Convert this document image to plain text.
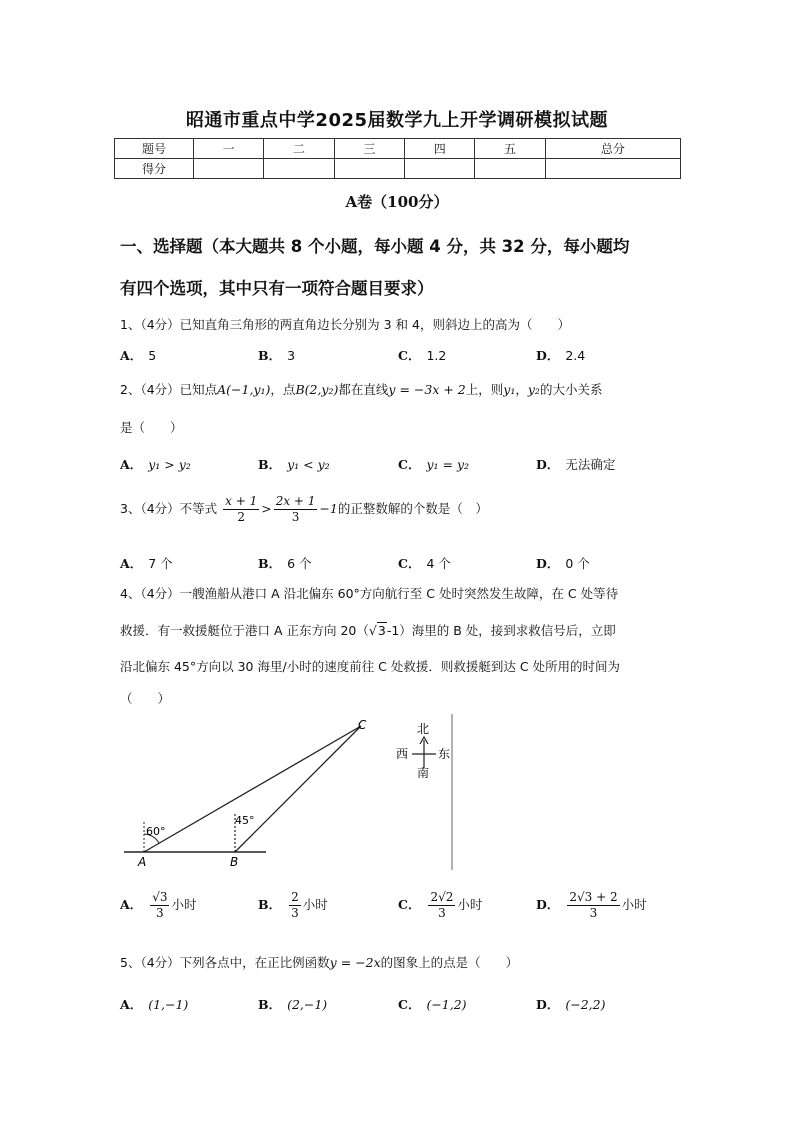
昭通市重点中学2025届数学九上开学调研模拟试题
题号	一	二	三	四	五	总分
得分						
A卷（100分）
一、选择题（本大题共 8 个小题，每小题 4 分，共 32 分，每小题均
有四个选项，其中只有一项符合题目要求）
1、（4分）已知直角三角形的两直角边长分别为 3 和 4，则斜边上的高为（　　）
A． 5	B． 3	C． 1.2	D． 2.4
2、（4分）已知点A(−1,y₁)，点B(2,y₂)都在直线y = −3x + 2上，则y₁，y₂的大小关系
是（　　）
A． y₁ > y₂	B． y₁ < y₂	C． y₁ = y₂	D． 无法确定
3、（4分）不等式 $\frac{x + 1}{2} > \frac{2x + 1}{3} -1$的正整数解的个数是（　）
A． 7 个	B． 6 个	C． 4 个	D． 0 个
4、（4分）一艘渔船从港口 A 沿北偏东 60°方向航行至 C 处时突然发生故障，在 C 处等待
救援．有一救援艇位于港口 A 正东方向 20（√3-1）海里的 B 处，接到求救信号后，立即
沿北偏东 45°方向以 30 海里/小时的速度前往 C 处救援．则救援艇到达 C 处所用的时间为
（　　）
60°
45°
A	B
C	北
南
西 东
A． $\frac{√3}{3}$ 小时	B． $\frac{2}{3}$ 小时	C． $\frac{2√2}{3}$ 小时	D． $\frac{2√3 + 2}{3}$ 小时
5、（4分）下列各点中，在正比例函数y = −2x的图象上的点是（　　）
A． (1,−1)	B． (2,−1)	C． (−1,2)	D． (−2,2)
